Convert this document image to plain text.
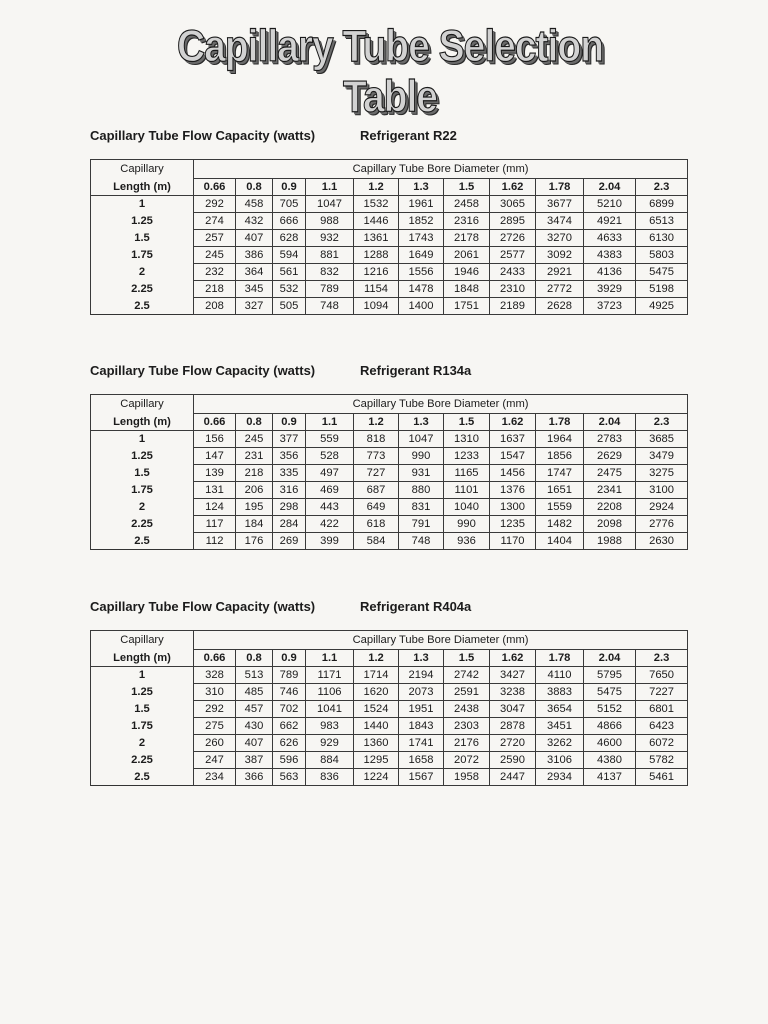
Capillary Tube Selection Table
Capillary Tube Flow Capacity (watts)	Refrigerant R22
Capillary	Capillary Tube Bore Diameter (mm)										
Length (m)	0.66	0.8	0.9	1.1	1.2	1.3	1.5	1.62	1.78	2.04	2.3
1	292	458	705	1047	1532	1961	2458	3065	3677	5210	6899
1.25	274	432	666	988	1446	1852	2316	2895	3474	4921	6513
1.5	257	407	628	932	1361	1743	2178	2726	3270	4633	6130
1.75	245	386	594	881	1288	1649	2061	2577	3092	4383	5803
2	232	364	561	832	1216	1556	1946	2433	2921	4136	5475
2.25	218	345	532	789	1154	1478	1848	2310	2772	3929	5198
2.5	208	327	505	748	1094	1400	1751	2189	2628	3723	4925
Capillary Tube Flow Capacity (watts)	Refrigerant R134a
Capillary	Capillary Tube Bore Diameter (mm)										
Length (m)	0.66	0.8	0.9	1.1	1.2	1.3	1.5	1.62	1.78	2.04	2.3
1	156	245	377	559	818	1047	1310	1637	1964	2783	3685
1.25	147	231	356	528	773	990	1233	1547	1856	2629	3479
1.5	139	218	335	497	727	931	1165	1456	1747	2475	3275
1.75	131	206	316	469	687	880	1101	1376	1651	2341	3100
2	124	195	298	443	649	831	1040	1300	1559	2208	2924
2.25	117	184	284	422	618	791	990	1235	1482	2098	2776
2.5	112	176	269	399	584	748	936	1170	1404	1988	2630
Capillary Tube Flow Capacity (watts)	Refrigerant R404a
Capillary	Capillary Tube Bore Diameter (mm)										
Length (m)	0.66	0.8	0.9	1.1	1.2	1.3	1.5	1.62	1.78	2.04	2.3
1	328	513	789	1171	1714	2194	2742	3427	4110	5795	7650
1.25	310	485	746	1106	1620	2073	2591	3238	3883	5475	7227
1.5	292	457	702	1041	1524	1951	2438	3047	3654	5152	6801
1.75	275	430	662	983	1440	1843	2303	2878	3451	4866	6423
2	260	407	626	929	1360	1741	2176	2720	3262	4600	6072
2.25	247	387	596	884	1295	1658	2072	2590	3106	4380	5782
2.5	234	366	563	836	1224	1567	1958	2447	2934	4137	5461
